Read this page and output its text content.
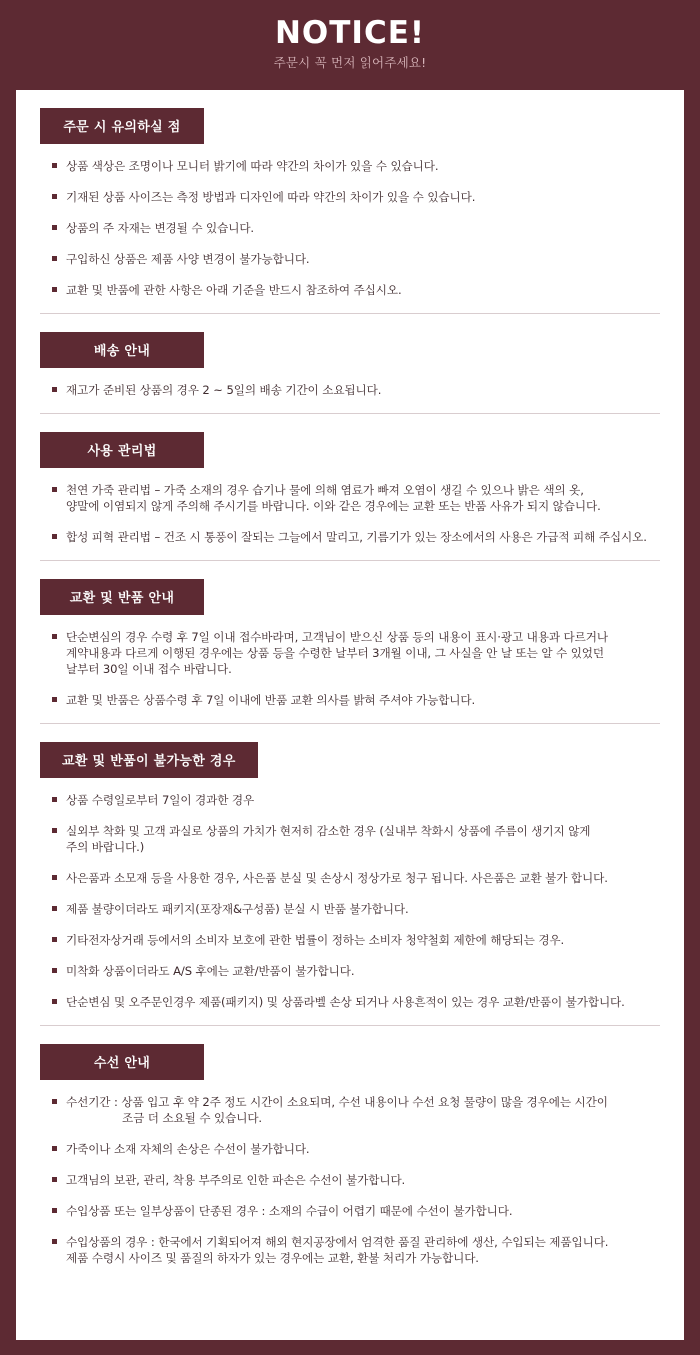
NOTICE!
주문시 꼭 먼저 읽어주세요!
주문 시 유의하실 점
상품 색상은 조명이나 모니터 밝기에 따라 약간의 차이가 있을 수 있습니다.
기재된 상품 사이즈는 측정 방법과 디자인에 따라 약간의 차이가 있을 수 있습니다.
상품의 주 자재는 변경될 수 있습니다.
구입하신 상품은 제품 사양 변경이 불가능합니다.
교환 및 반품에 관한 사항은 아래 기준을 반드시 참조하여 주십시오.
배송 안내
재고가 준비된 상품의 경우 2 ~ 5일의 배송 기간이 소요됩니다.
사용 관리법
천연 가죽 관리법 – 가죽 소재의 경우 습기나 물에 의해 염료가 빠져 오염이 생길 수 있으나 밝은 색의 옷,
양말에 이염되지 않게 주의해 주시기를 바랍니다. 이와 같은 경우에는 교환 또는 반품 사유가 되지 않습니다.
합성 피혁 관리법 – 건조 시 통풍이 잘되는 그늘에서 말리고, 기름기가 있는 장소에서의 사용은 가급적 피해 주십시오.
교환 및 반품 안내
단순변심의 경우 수령 후 7일 이내 접수바라며, 고객님이 받으신 상품 등의 내용이 표시·광고 내용과 다르거나
계약내용과 다르게 이행된 경우에는 상품 등을 수령한 날부터 3개월 이내, 그 사실을 안 날 또는 알 수 있었던
날부터 30일 이내 접수 바랍니다.
교환 및 반품은 상품수령 후 7일 이내에 반품 교환 의사를 밝혀 주셔야 가능합니다.
교환 및 반품이 불가능한 경우
상품 수령일로부터 7일이 경과한 경우
실외부 착화 및 고객 과실로 상품의 가치가 현저히 감소한 경우 (실내부 착화시 상품에 주름이 생기지 않게
주의 바랍니다.)
사은품과 소모재 등을 사용한 경우, 사은품 분실 및 손상시 정상가로 청구 됩니다. 사은품은 교환 불가 합니다.
제품 불량이더라도 패키지(포장재&구성품) 분실 시 반품 불가합니다.
기타전자상거래 등에서의 소비자 보호에 관한 법률이 정하는 소비자 청약철회 제한에 해당되는 경우.
미착화 상품이더라도 A/S 후에는 교환/반품이 불가합니다.
단순변심 및 오주문인경우 제품(패키지) 및 상품라벨 손상 되거나 사용흔적이 있는 경우 교환/반품이 불가합니다.
수선 안내
수선기간 : 상품 입고 후 약 2주 정도 시간이 소요되며, 수선 내용이나 수선 요청 물량이 많을 경우에는 시간이
조금 더 소요될 수 있습니다.
가죽이나 소재 자체의 손상은 수선이 불가합니다.
고객님의 보관, 관리, 착용 부주의로 인한 파손은 수선이 불가합니다.
수입상품 또는 일부상품이 단종된 경우 : 소재의 수급이 어렵기 때문에 수선이 불가합니다.
수입상품의 경우 : 한국에서 기획되어져 해외 현지공장에서 엄격한 품질 관리하에 생산, 수입되는 제품입니다.
제품 수령시 사이즈 및 품질의 하자가 있는 경우에는 교환, 환불 처리가 가능합니다.
